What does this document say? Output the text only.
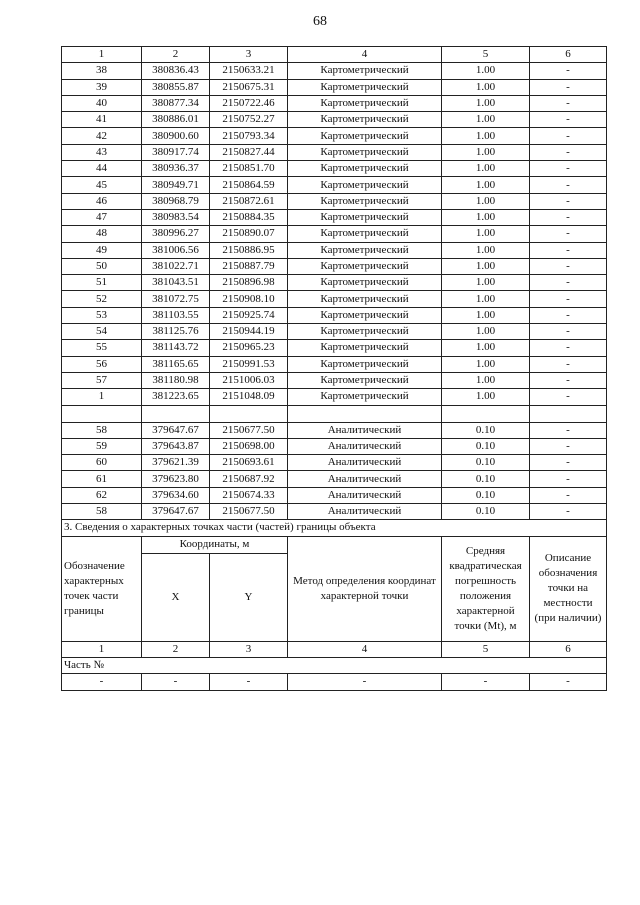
68
1	2	3	4	5	6
38	380836.43	2150633.21	Картометрический	1.00	-
39	380855.87	2150675.31	Картометрический	1.00	-
40	380877.34	2150722.46	Картометрический	1.00	-
41	380886.01	2150752.27	Картометрический	1.00	-
42	380900.60	2150793.34	Картометрический	1.00	-
43	380917.74	2150827.44	Картометрический	1.00	-
44	380936.37	2150851.70	Картометрический	1.00	-
45	380949.71	2150864.59	Картометрический	1.00	-
46	380968.79	2150872.61	Картометрический	1.00	-
47	380983.54	2150884.35	Картометрический	1.00	-
48	380996.27	2150890.07	Картометрический	1.00	-
49	381006.56	2150886.95	Картометрический	1.00	-
50	381022.71	2150887.79	Картометрический	1.00	-
51	381043.51	2150896.98	Картометрический	1.00	-
52	381072.75	2150908.10	Картометрический	1.00	-
53	381103.55	2150925.74	Картометрический	1.00	-
54	381125.76	2150944.19	Картометрический	1.00	-
55	381143.72	2150965.23	Картометрический	1.00	-
56	381165.65	2150991.53	Картометрический	1.00	-
57	381180.98	2151006.03	Картометрический	1.00	-
1	381223.65	2151048.09	Картометрический	1.00	-

58	379647.67	2150677.50	Аналитический	0.10	-
59	379643.87	2150698.00	Аналитический	0.10	-
60	379621.39	2150693.61	Аналитический	0.10	-
61	379623.80	2150687.92	Аналитический	0.10	-
62	379634.60	2150674.33	Аналитический	0.10	-
58	379647.67	2150677.50	Аналитический	0.10	-
3. Сведения о характерных точках части (частей) границы объекта					
Обозначение характерных точек части границы	Координаты, м		Метод определения координат характерной точки	Средняя квадратическая погрешность положения характерной точки (Mt), м	Описание обозначения точки на местности (при наличии)
	X	Y			
1	2	3	4	5	6
Часть №					
-	-	-	-	-	-
